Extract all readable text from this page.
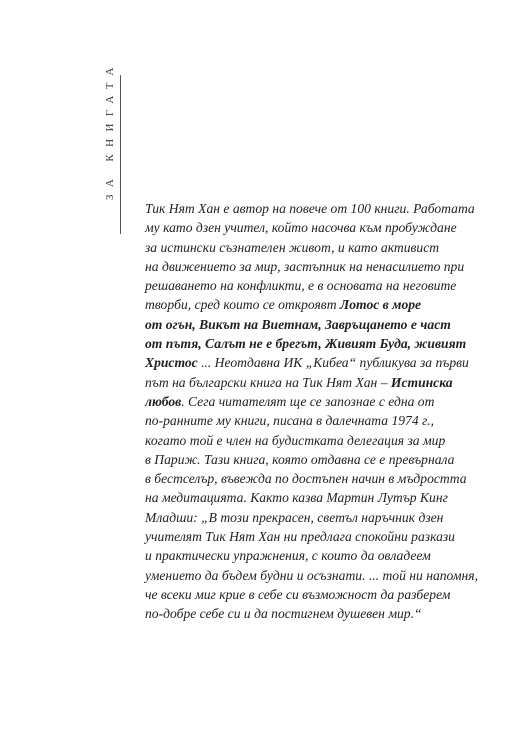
ЗА КНИГАТА
Тик Нят Хан е автор на повече от 100 книги. Работата
му като дзен учител, който насочва към пробуждане
за истински съзнателен живот, и като активист
на движението за мир, застъпник на ненасилието при
решаването на конфликти, е в основата на неговите
творби, сред които се откроявт Лотос в море
от огън, Викът на Виетнам, Завръщането е част
от пътя, Салът не е брегът, Живият Буда, живият
Христос ... Неотдавна ИК „Кибеа“ публикува за първи
път на български книга на Тик Нят Хан – Истинска
любов. Сега читателят ще се запознае с една от
по-ранните му книги, писана в далечната 1974 г.,
когато той е член на будистката делегация за мир
в Париж. Тази книга, която отдавна се е превърнала
в бестселър, въвежда по достъпен начин в мъдростта
на медитацията. Както казва Мартин Лутър Кинг
Младши: „В този прекрасен, светъл наръчник дзен
учителят Тик Нят Хан ни предлага спокойни разкази
и практически упражнения, с които да овладеем
умението да бъдем будни и осъзнати. ... той ни напомня,
че всеки миг крие в себе си възможност да разберем
по-добре себе си и да постигнем душевен мир.“
